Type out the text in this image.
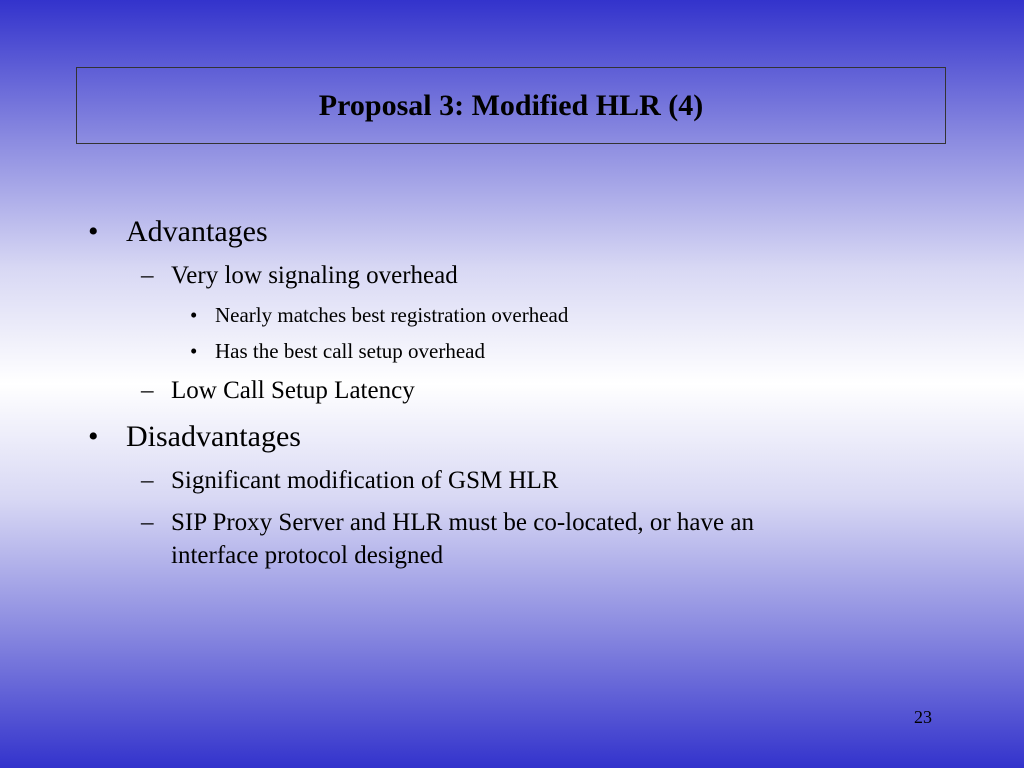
Proposal 3: Modified HLR (4)
• Advantages
– Very low signaling overhead
• Nearly matches best registration overhead
• Has the best call setup overhead
– Low Call Setup Latency
• Disadvantages
– Significant modification of GSM HLR
– SIP Proxy Server and HLR must be co-located, or have an
interface protocol designed
23
